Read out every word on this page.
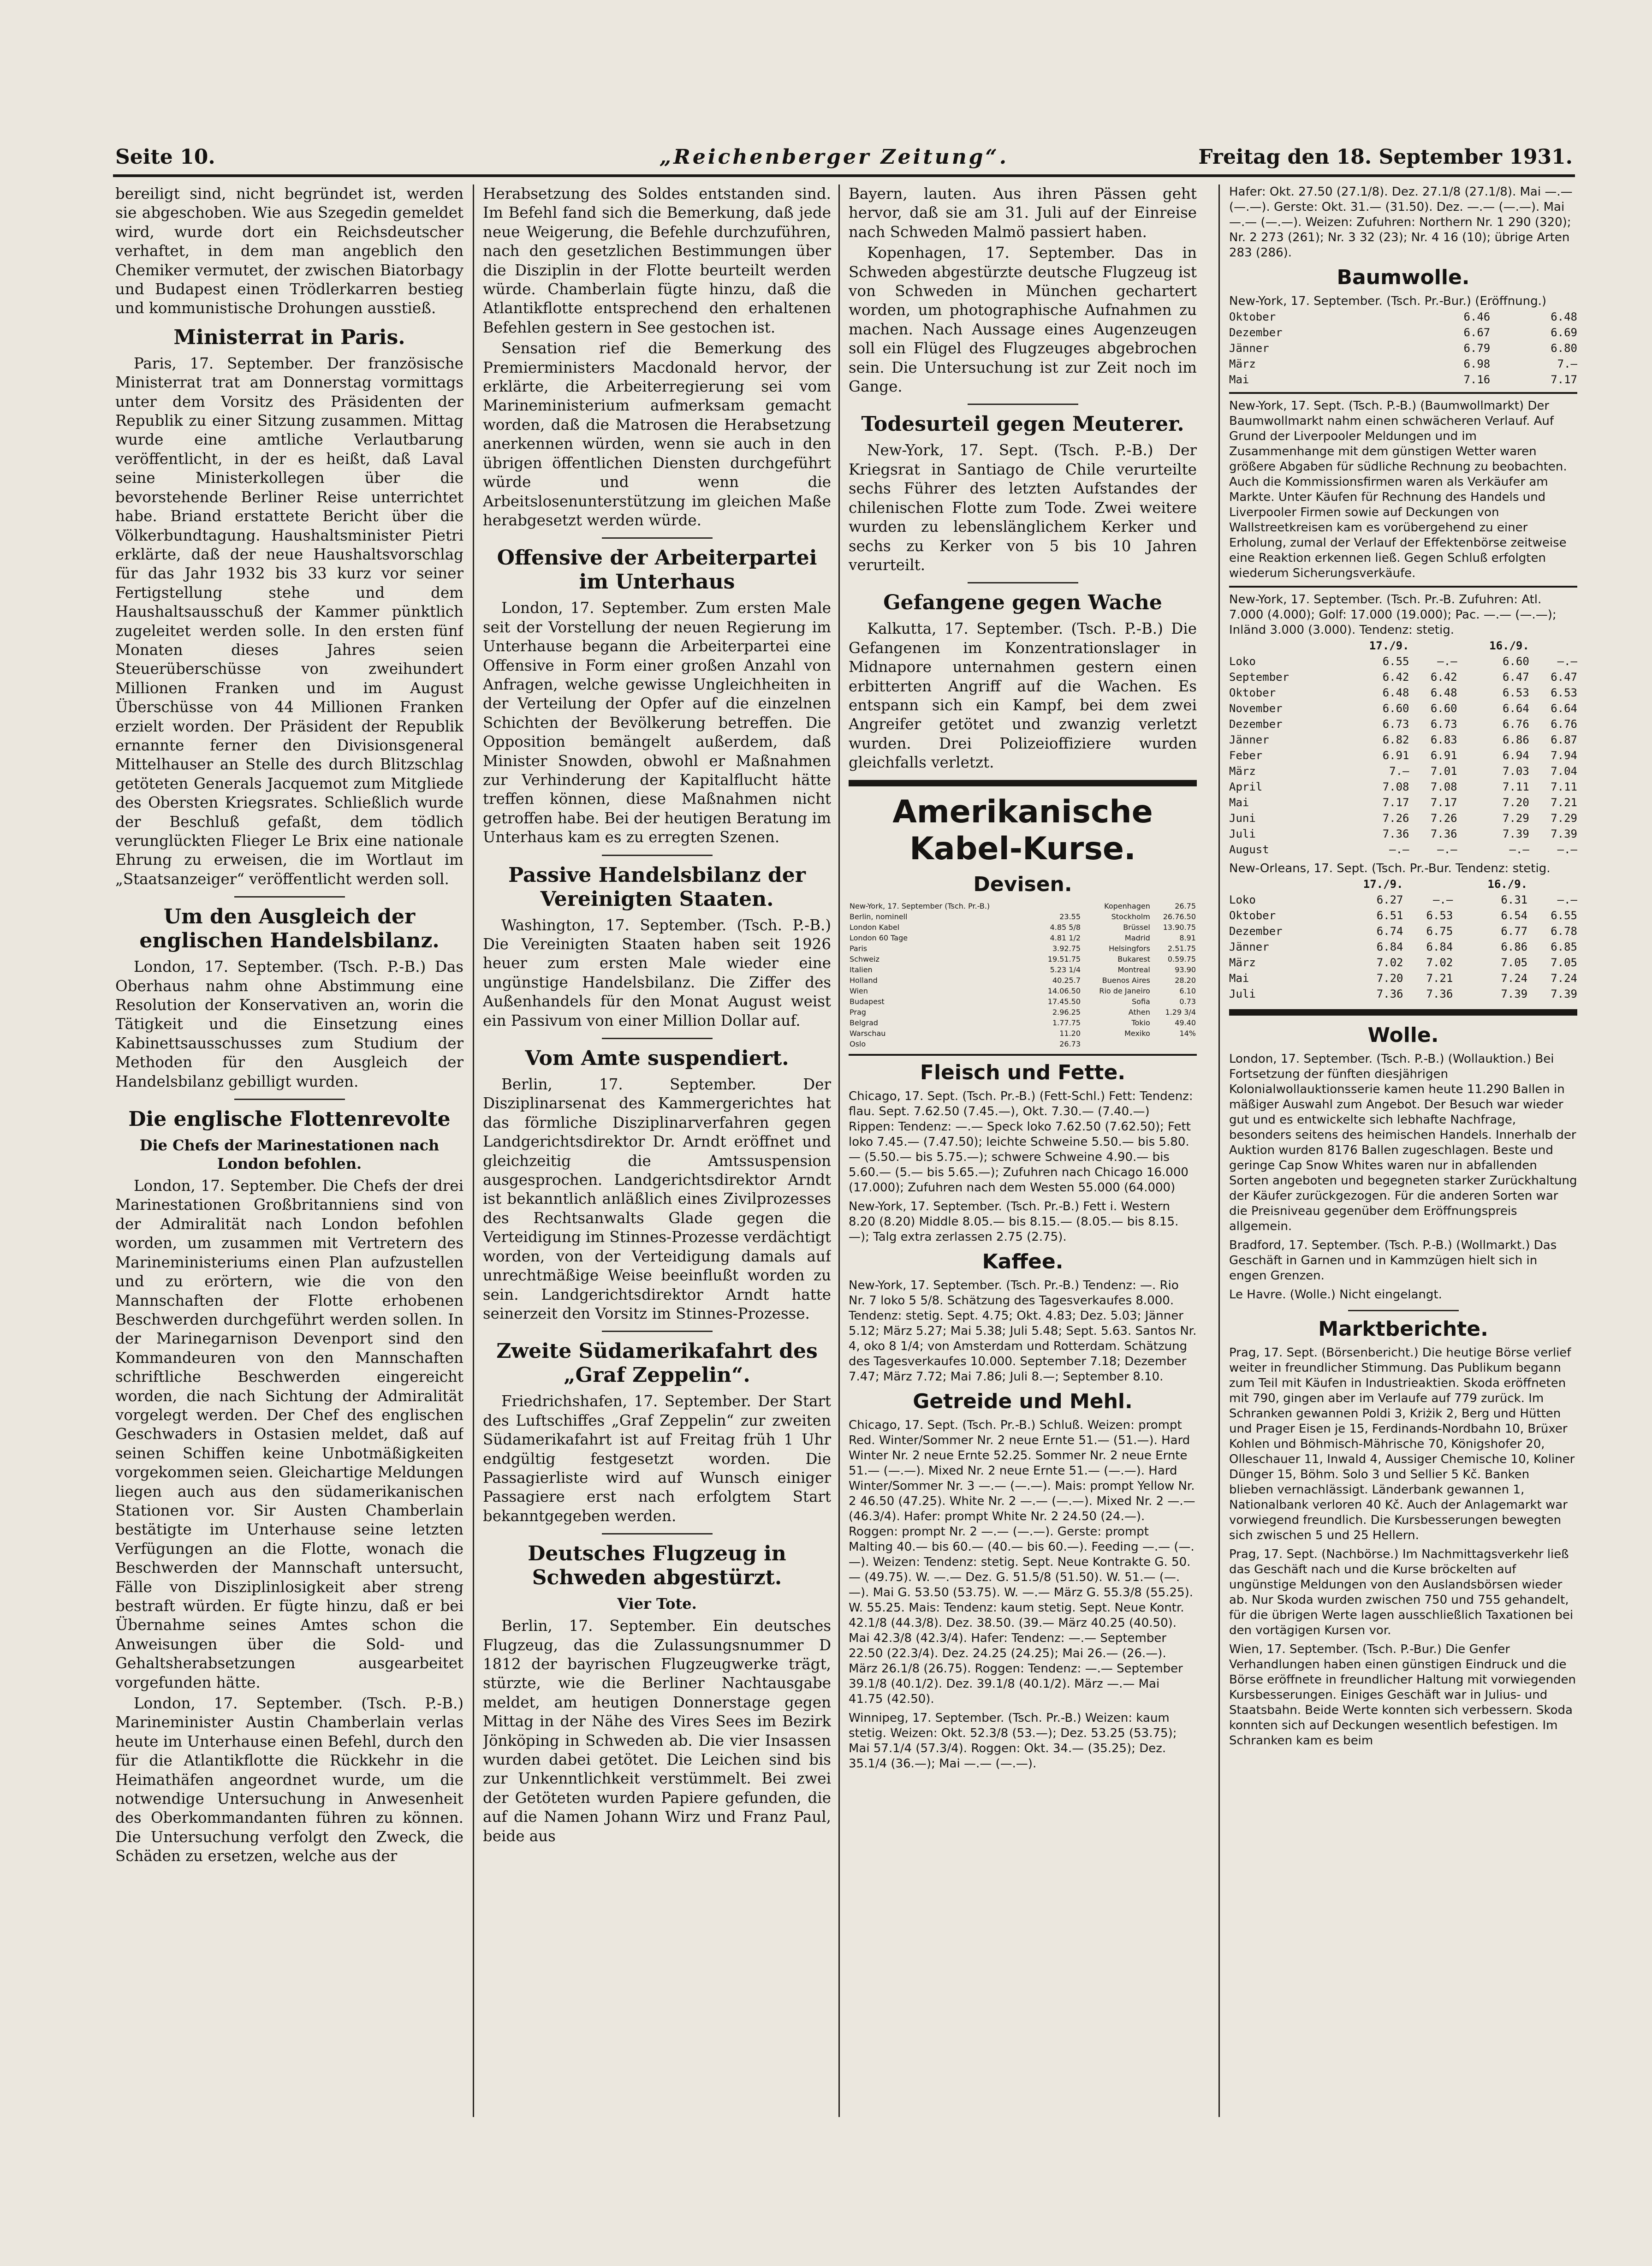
Seite 10.	„Reichenberger Zeitung“.	Freitag den 18. September 1931.

bereiligt sind, nicht begründet ist, werden sie abgeschoben. Wie aus Szegedin gemeldet wird, wurde dort ein Reichsdeutscher verhaftet, in dem man angeblich den Chemiker vermutet, der zwischen Biatorbagy und Budapest einen Trödlerkarren bestieg und kommunistische Drohungen ausstieß.

Ministerrat in Paris.

Paris, 17. September. Der französische Ministerrat trat am Donnerstag vormittags unter dem Vorsitz des Präsidenten der Republik zu einer Sitzung zusammen. Mittag wurde eine amtliche Verlautbarung veröffentlicht, in der es heißt, daß Laval seine Ministerkollegen über die bevorstehende Berliner Reise unterrichtet habe. Briand erstattete Bericht über die Völkerbundtagung. Haushaltsminister Pietri erklärte, daß der neue Haushaltsvorschlag für das Jahr 1932 bis 33 kurz vor seiner Fertigstellung stehe und dem Haushaltsausschuß der Kammer pünktlich zugeleitet werden solle. In den ersten fünf Monaten dieses Jahres seien Steuerüberschüsse von zweihundert Millionen Franken und im August Überschüsse von 44 Millionen Franken erzielt worden. Der Präsident der Republik ernannte ferner den Divisionsgeneral Mittelhauser an Stelle des durch Blitzschlag getöteten Generals Jacquemot zum Mitgliede des Obersten Kriegsrates. Schließlich wurde der Beschluß gefaßt, dem tödlich verunglückten Flieger Le Brix eine nationale Ehrung zu erweisen, die im Wortlaut im „Staatsanzeiger“ veröffentlicht werden soll.

Um den Ausgleich der englischen Handelsbilanz.

London, 17. September. (Tsch. P.-B.) Das Oberhaus nahm ohne Abstimmung eine Resolution der Konservativen an, worin die Tätigkeit und die Einsetzung eines Kabinettsausschusses zum Studium der Methoden für den Ausgleich der Handelsbilanz gebilligt wurden.

Die englische Flottenrevolte
Die Chefs der Marinestationen nach London befohlen.

London, 17. September. Die Chefs der drei Marinestationen Großbritanniens sind von der Admiralität nach London befohlen worden, um zusammen mit Vertretern des Marineministeriums einen Plan aufzustellen und zu erörtern, wie die von den Mannschaften der Flotte erhobenen Beschwerden durchgeführt werden sollen. In der Marinegarnison Devenport sind den Kommandeuren von den Mannschaften schriftliche Beschwerden eingereicht worden, die nach Sichtung der Admiralität vorgelegt werden. Der Chef des englischen Geschwaders in Ostasien meldet, daß auf seinen Schiffen keine Unbotmäßigkeiten vorgekommen seien. Gleichartige Meldungen liegen auch aus den südamerikanischen Stationen vor. Sir Austen Chamberlain bestätigte im Unterhause seine letzten Verfügungen an die Flotte, wonach die Beschwerden der Mannschaft untersucht, Fälle von Disziplinlosigkeit aber streng bestraft würden. Er fügte hinzu, daß er bei Übernahme seines Amtes schon die Anweisungen über die Sold- und Gehaltsherabsetzungen ausgearbeitet vorgefunden hätte.

London, 17. September. (Tsch. P.-B.) Marineminister Austin Chamberlain verlas heute im Unterhause einen Befehl, durch den für die Atlantikflotte die Rückkehr in die Heimathäfen angeordnet wurde, um die notwendige Untersuchung in Anwesenheit des Oberkommandanten führen zu können. Die Untersuchung verfolgt den Zweck, die Schäden zu ersetzen, welche aus der

Herabsetzung des Soldes entstanden sind. Im Befehl fand sich die Bemerkung, daß jede neue Weigerung, die Befehle durchzuführen, nach den gesetzlichen Bestimmungen über die Disziplin in der Flotte beurteilt werden würde. Chamberlain fügte hinzu, daß die Atlantikflotte entsprechend den erhaltenen Befehlen gestern in See gestochen ist.

Sensation rief die Bemerkung des Premierministers Macdonald hervor, der erklärte, die Arbeiterregierung sei vom Marineministerium aufmerksam gemacht worden, daß die Matrosen die Herabsetzung anerkennen würden, wenn sie auch in den übrigen öffentlichen Diensten durchgeführt würde und wenn die Arbeitslosenunterstützung im gleichen Maße herabgesetzt werden würde.

Offensive der Arbeiterpartei im Unterhaus

London, 17. September. Zum ersten Male seit der Vorstellung der neuen Regierung im Unterhause begann die Arbeiterpartei eine Offensive in Form einer großen Anzahl von Anfragen, welche gewisse Ungleichheiten in der Verteilung der Opfer auf die einzelnen Schichten der Bevölkerung betreffen. Die Opposition bemängelt außerdem, daß Minister Snowden, obwohl er Maßnahmen zur Verhinderung der Kapitalflucht hätte treffen können, diese Maßnahmen nicht getroffen habe. Bei der heutigen Beratung im Unterhaus kam es zu erregten Szenen.

Passive Handelsbilanz der Vereinigten Staaten.

Washington, 17. September. (Tsch. P.-B.) Die Vereinigten Staaten haben seit 1926 heuer zum ersten Male wieder eine ungünstige Handelsbilanz. Die Ziffer des Außenhandels für den Monat August weist ein Passivum von einer Million Dollar auf.

Vom Amte suspendiert.

Berlin, 17. September. Der Disziplinarsenat des Kammergerichtes hat das förmliche Disziplinarverfahren gegen Landgerichtsdirektor Dr. Arndt eröffnet und gleichzeitig die Amtssuspension ausgesprochen. Landgerichtsdirektor Arndt ist bekanntlich anläßlich eines Zivilprozesses des Rechtsanwalts Glade gegen die Verteidigung im Stinnes-Prozesse verdächtigt worden, von der Verteidigung damals auf unrechtmäßige Weise beeinflußt worden zu sein. Landgerichtsdirektor Arndt hatte seinerzeit den Vorsitz im Stinnes-Prozesse.

Zweite Südamerikafahrt des „Graf Zeppelin“.

Friedrichshafen, 17. September. Der Start des Luftschiffes „Graf Zeppelin“ zur zweiten Südamerikafahrt ist auf Freitag früh 1 Uhr endgültig festgesetzt worden. Die Passagierliste wird auf Wunsch einiger Passagiere erst nach erfolgtem Start bekanntgegeben werden.

Deutsches Flugzeug in Schweden abgestürzt.
Vier Tote.

Berlin, 17. September. Ein deutsches Flugzeug, das die Zulassungsnummer D 1812 der bayrischen Flugzeugwerke trägt, stürzte, wie die Berliner Nachtausgabe meldet, am heutigen Donnerstage gegen Mittag in der Nähe des Vires Sees im Bezirk Jönköping in Schweden ab. Die vier Insassen wurden dabei getötet. Die Leichen sind bis zur Unkenntlichkeit verstümmelt. Bei zwei der Getöteten wurden Papiere gefunden, die auf die Namen Johann Wirz und Franz Paul, beide aus

Bayern, lauten. Aus ihren Pässen geht hervor, daß sie am 31. Juli auf der Einreise nach Schweden Malmö passiert haben.

Kopenhagen, 17. September. Das in Schweden abgestürzte deutsche Flugzeug ist von Schweden in München gechartert worden, um photographische Aufnahmen zu machen. Nach Aussage eines Augenzeugen soll ein Flügel des Flugzeuges abgebrochen sein. Die Untersuchung ist zur Zeit noch im Gange.

Todesurteil gegen Meuterer.

New-York, 17. Sept. (Tsch. P.-B.) Der Kriegsrat in Santiago de Chile verurteilte sechs Führer des letzten Aufstandes der chilenischen Flotte zum Tode. Zwei weitere wurden zu lebenslänglichem Kerker und sechs zu Kerker von 5 bis 10 Jahren verurteilt.

Gefangene gegen Wache

Kalkutta, 17. September. (Tsch. P.-B.) Die Gefangenen im Konzentrationslager in Midnapore unternahmen gestern einen erbitterten Angriff auf die Wachen. Es entspann sich ein Kampf, bei dem zwei Angreifer getötet und zwanzig verletzt wurden. Drei Polizeioffiziere wurden gleichfalls verletzt.

Amerikanische Kabel-Kurse.
Devisen.
New-York, 17. September (Tsch. Pr.-B.)		Kopenhagen	26.75
Berlin, nominell	23.55	Stockholm	26.76.50
London Kabel	4.85 5/8	Brüssel	13.90.75
London 60 Tage	4.81 1/2	Madrid	8.91
Paris	3.92.75	Helsingfors	2.51.75
Schweiz	19.51.75	Bukarest	0.59.75
Italien	5.23 1/4	Montreal	93.90
Holland	40.25.7	Buenos Aires	28.20
Wien	14.06.50	Rio de Janeiro	6.10
Budapest	17.45.50	Sofia	0.73
Prag	2.96.25	Athen	1.29 3/4
Belgrad	1.77.75	Tokio	49.40
Warschau	11.20	Mexiko	14%
Oslo	26.73		
Fleisch und Fette.
Chicago, 17. Sept. (Tsch. Pr.-B.) (Fett-Schl.) Fett: Tendenz: flau. Sept. 7.62.50 (7.45.—), Okt. 7.30.— (7.40.—) Rippen: Tendenz: —.— Speck loko 7.62.50 (7.62.50); Fett loko 7.45.— (7.47.50); leichte Schweine 5.50.— bis 5.80.— (5.50.— bis 5.75.—); schwere Schweine 4.90.— bis 5.60.— (5.— bis 5.65.—); Zufuhren nach Chicago 16.000 (17.000); Zufuhren nach dem Westen 55.000 (64.000)
New-York, 17. September. (Tsch. Pr.-B.) Fett i. Western 8.20 (8.20) Middle 8.05.— bis 8.15.— (8.05.— bis 8.15.—); Talg extra zerlassen 2.75 (2.75).
Kaffee.
New-York, 17. September. (Tsch. Pr.-B.) Tendenz: —. Rio Nr. 7 loko 5 5/8. Schätzung des Tagesverkaufes 8.000. Tendenz: stetig. Sept. 4.75; Okt. 4.83; Dez. 5.03; Jänner 5.12; März 5.27; Mai 5.38; Juli 5.48; Sept. 5.63. Santos Nr. 4, oko 8 1/4; von Amsterdam und Rotterdam. Schätzung des Tagesverkaufes 10.000. September 7.18; Dezember 7.47; März 7.72; Mai 7.86; Juli 8.—; September 8.10.
Getreide und Mehl.
Chicago, 17. Sept. (Tsch. Pr.-B.) Schluß. Weizen: prompt Red. Winter/Sommer Nr. 2 neue Ernte 51.— (51.—). Hard Winter Nr. 2 neue Ernte 52.25. Sommer Nr. 2 neue Ernte 51.— (—.—). Mixed Nr. 2 neue Ernte 51.— (—.—). Hard Winter/Sommer Nr. 3 —.— (—.—). Mais: prompt Yellow Nr. 2 46.50 (47.25). White Nr. 2 —.— (—.—). Mixed Nr. 2 —.— (46.3/4). Hafer: prompt White Nr. 2 24.50 (24.—). Roggen: prompt Nr. 2 —.— (—.—). Gerste: prompt Malting 40.— bis 60.— (40.— bis 60.—). Feeding —.— (—.—). Weizen: Tendenz: stetig. Sept. Neue Kontrakte G. 50.— (49.75). W. —.— Dez. G. 51.5/8 (51.50). W. 51.— (—.—). Mai G. 53.50 (53.75). W. —.— März G. 55.3/8 (55.25). W. 55.25. Mais: Tendenz: kaum stetig. Sept. Neue Kontr. 42.1/8 (44.3/8). Dez. 38.50. (39.— März 40.25 (40.50). Mai 42.3/8 (42.3/4). Hafer: Tendenz: —.— September 22.50 (22.3/4). Dez. 24.25 (24.25); Mai 26.— (26.—). März 26.1/8 (26.75). Roggen: Tendenz: —.— September 39.1/8 (40.1/2). Dez. 39.1/8 (40.1/2). März —.— Mai 41.75 (42.50).
Winnipeg, 17. September. (Tsch. Pr.-B.) Weizen: kaum stetig. Weizen: Okt. 52.3/8 (53.—); Dez. 53.25 (53.75); Mai 57.1/4 (57.3/4). Roggen: Okt. 34.— (35.25); Dez. 35.1/4 (36.—); Mai —.— (—.—).
Hafer: Okt. 27.50 (27.1/8). Dez. 27.1/8 (27.1/8). Mai —.— (—.—). Gerste: Okt. 31.— (31.50). Dez. —.— (—.—). Mai —.— (—.—). Weizen: Zufuhren: Northern Nr. 1 290 (320); Nr. 2 273 (261); Nr. 3 32 (23); Nr. 4 16 (10); übrige Arten 283 (286).
Baumwolle.
New-York, 17. September. (Tsch. Pr.-Bur.) (Eröffnung.)
Oktober	6.46	6.48
Dezember	6.67	6.69
Jänner	6.79	6.80
März	6.98	7.—
Mai	7.16	7.17
New-York, 17. Sept. (Tsch. P.-B.) (Baumwollmarkt) Der Baumwollmarkt nahm einen schwächeren Verlauf. Auf Grund der Liverpooler Meldungen und im Zusammenhange mit dem günstigen Wetter waren größere Abgaben für südliche Rechnung zu beobachten. Auch die Kommissionsfirmen waren als Verkäufer am Markte. Unter Käufen für Rechnung des Handels und Liverpooler Firmen sowie auf Deckungen von Wallstreetkreisen kam es vorübergehend zu einer Erholung, zumal der Verlauf der Effektenbörse zeitweise eine Reaktion erkennen ließ. Gegen Schluß erfolgten wiederum Sicherungsverkäufe.
New-York, 17. September. (Tsch. Pr.-B. Zufuhren: Atl. 7.000 (4.000); Golf: 17.000 (19.000); Pac. —.— (—.—); Inländ 3.000 (3.000). Tendenz: stetig.
	17./9.		16./9.	
Loko	6.55	—.—	6.60	—.—
September	6.42	6.42	6.47	6.47
Oktober	6.48	6.48	6.53	6.53
November	6.60	6.60	6.64	6.64
Dezember	6.73	6.73	6.76	6.76
Jänner	6.82	6.83	6.86	6.87
Feber	6.91	6.91	6.94	7.94
März	7.—	7.01	7.03	7.04
April	7.08	7.08	7.11	7.11
Mai	7.17	7.17	7.20	7.21
Juni	7.26	7.26	7.29	7.29
Juli	7.36	7.36	7.39	7.39
August	—.—	—.—	—.—	—.—
New-Orleans, 17. Sept. (Tsch. Pr.-Bur. Tendenz: stetig.
	17./9.		16./9.	
Loko	6.27	—.—	6.31	—.—
Oktober	6.51	6.53	6.54	6.55
Dezember	6.74	6.75	6.77	6.78
Jänner	6.84	6.84	6.86	6.85
März	7.02	7.02	7.05	7.05
Mai	7.20	7.21	7.24	7.24
Juli	7.36	7.36	7.39	7.39
Wolle.
London, 17. September. (Tsch. P.-B.) (Wollauktion.) Bei Fortsetzung der fünften diesjährigen Kolonialwollauktionsserie kamen heute 11.290 Ballen in mäßiger Auswahl zum Angebot. Der Besuch war wieder gut und es entwickelte sich lebhafte Nachfrage, besonders seitens des heimischen Handels. Innerhalb der Auktion wurden 8176 Ballen zugeschlagen. Beste und geringe Cap Snow Whites waren nur in abfallenden Sorten angeboten und begegneten starker Zurückhaltung der Käufer zurückgezogen. Für die anderen Sorten war die Preisniveau gegenüber dem Eröffnungspreis allgemein.
Bradford, 17. September. (Tsch. P.-B.) (Wollmarkt.) Das Geschäft in Garnen und in Kammzügen hielt sich in engen Grenzen.
Le Havre. (Wolle.) Nicht eingelangt.
Marktberichte.
Prag, 17. Sept. (Börsenbericht.) Die heutige Börse verlief weiter in freundlicher Stimmung. Das Publikum begann zum Teil mit Käufen in Industrieaktien. Skoda eröffneten mit 790, gingen aber im Verlaufe auf 779 zurück. Im Schranken gewannen Poldi 3, Kriżik 2, Berg und Hütten und Prager Eisen je 15, Ferdinands-Nordbahn 10, Brüxer Kohlen und Böhmisch-Mährische 70, Königshofer 20, Olleschauer 11, Inwald 4, Aussiger Chemische 10, Koliner Dünger 15, Böhm. Solo 3 und Sellier 5 Kč. Banken blieben vernachlässigt. Länderbank gewannen 1, Nationalbank verloren 40 Kč. Auch der Anlagemarkt war vorwiegend freundlich. Die Kursbesserungen bewegten sich zwischen 5 und 25 Hellern.
Prag, 17. Sept. (Nachbörse.) Im Nachmittagsverkehr ließ das Geschäft nach und die Kurse bröckelten auf ungünstige Meldungen von den Auslandsbörsen wieder ab. Nur Skoda wurden zwischen 750 und 755 gehandelt, für die übrigen Werte lagen ausschließlich Taxationen bei den vortägigen Kursen vor.
Wien, 17. September. (Tsch. P.-Bur.) Die Genfer Verhandlungen haben einen günstigen Eindruck und die Börse eröffnete in freundlicher Haltung mit vorwiegenden Kursbesserungen. Einiges Geschäft war in Julius- und Staatsbahn. Beide Werte konnten sich verbessern. Skoda konnten sich auf Deckungen wesentlich befestigen. Im Schranken kam es beim
